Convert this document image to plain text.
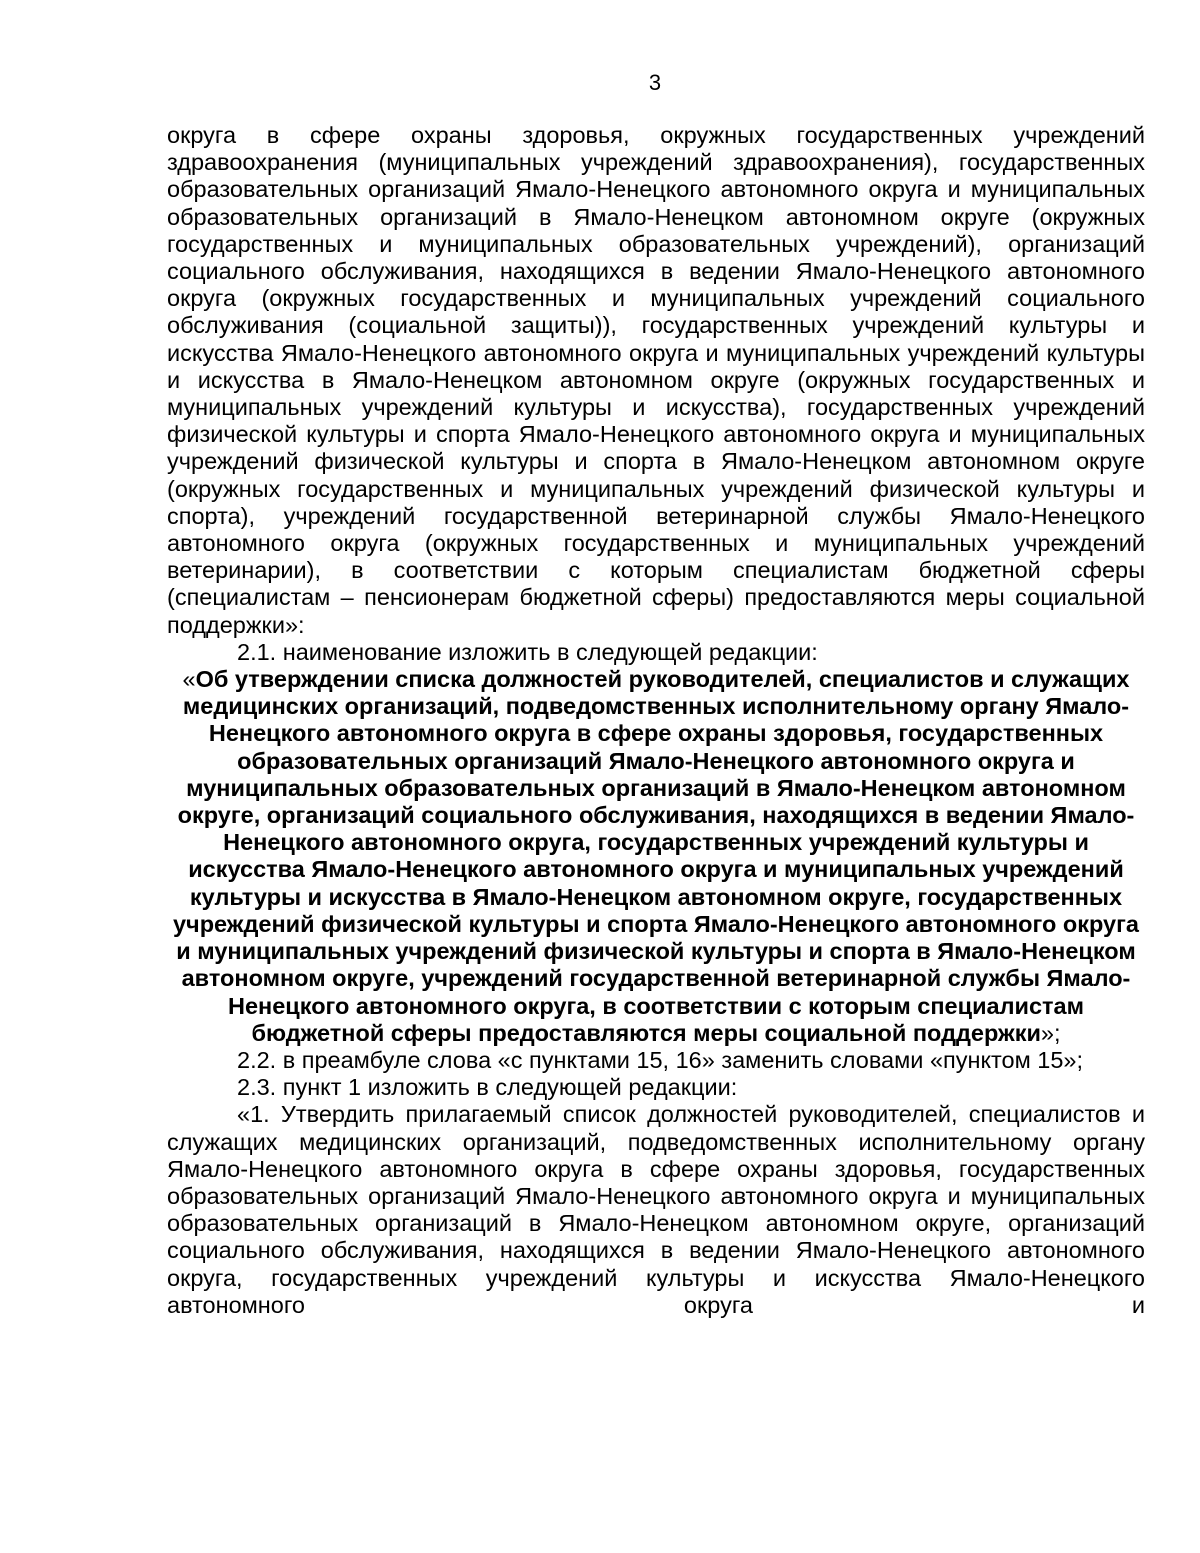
3

округа в сфере охраны здоровья, окружных государственных учреждений здравоохранения (муниципальных учреждений здравоохранения), государственных образовательных организаций Ямало-Ненецкого автономного округа и муниципальных образовательных организаций в Ямало-Ненецком автономном округе (окружных государственных и муниципальных образовательных учреждений), организаций социального обслуживания, находящихся в ведении Ямало-Ненецкого автономного округа (окружных государственных и муниципальных учреждений социального обслуживания (социальной защиты)), государственных учреждений культуры и искусства Ямало-Ненецкого автономного округа и муниципальных учреждений культуры и искусства в Ямало-Ненецком автономном округе (окружных государственных и муниципальных учреждений культуры и искусства), государственных учреждений физической культуры и спорта Ямало-Ненецкого автономного округа и муниципальных учреждений физической культуры и спорта в Ямало-Ненецком автономном округе (окружных государственных и муниципальных учреждений физической культуры и спорта), учреждений государственной ветеринарной службы Ямало-Ненецкого автономного округа (окружных государственных и муниципальных учреждений ветеринарии), в соответствии с которым специалистам бюджетной сферы (специалистам – пенсионерам бюджетной сферы) предоставляются меры социальной поддержки»:

2.1. наименование изложить в следующей редакции:

«Об утверждении списка должностей руководителей, специалистов и служащих медицинских организаций, подведомственных исполнительному органу Ямало-Ненецкого автономного округа в сфере охраны здоровья, государственных образовательных организаций Ямало-Ненецкого автономного округа и муниципальных образовательных организаций в Ямало-Ненецком автономном округе, организаций социального обслуживания, находящихся в ведении Ямало-Ненецкого автономного округа, государственных учреждений культуры и искусства Ямало-Ненецкого автономного округа и муниципальных учреждений культуры и искусства в Ямало-Ненецком автономном округе, государственных учреждений физической культуры и спорта Ямало-Ненецкого автономного округа и муниципальных учреждений физической культуры и спорта в Ямало-Ненецком автономном округе, учреждений государственной ветеринарной службы Ямало-Ненецкого автономного округа, в соответствии с которым специалистам бюджетной сферы предоставляются меры социальной поддержки»;

2.2. в преамбуле слова «с пунктами 15, 16» заменить словами «пунктом 15»;

2.3. пункт 1 изложить в следующей редакции:

«1. Утвердить прилагаемый список должностей руководителей, специалистов и служащих медицинских организаций, подведомственных исполнительному органу Ямало-Ненецкого автономного округа в сфере охраны здоровья, государственных образовательных организаций Ямало-Ненецкого автономного округа и муниципальных образовательных организаций в Ямало-Ненецком автономном округе, организаций социального обслуживания, находящихся в ведении Ямало-Ненецкого автономного округа, государственных учреждений культуры и искусства Ямало-Ненецкого автономного округа и
